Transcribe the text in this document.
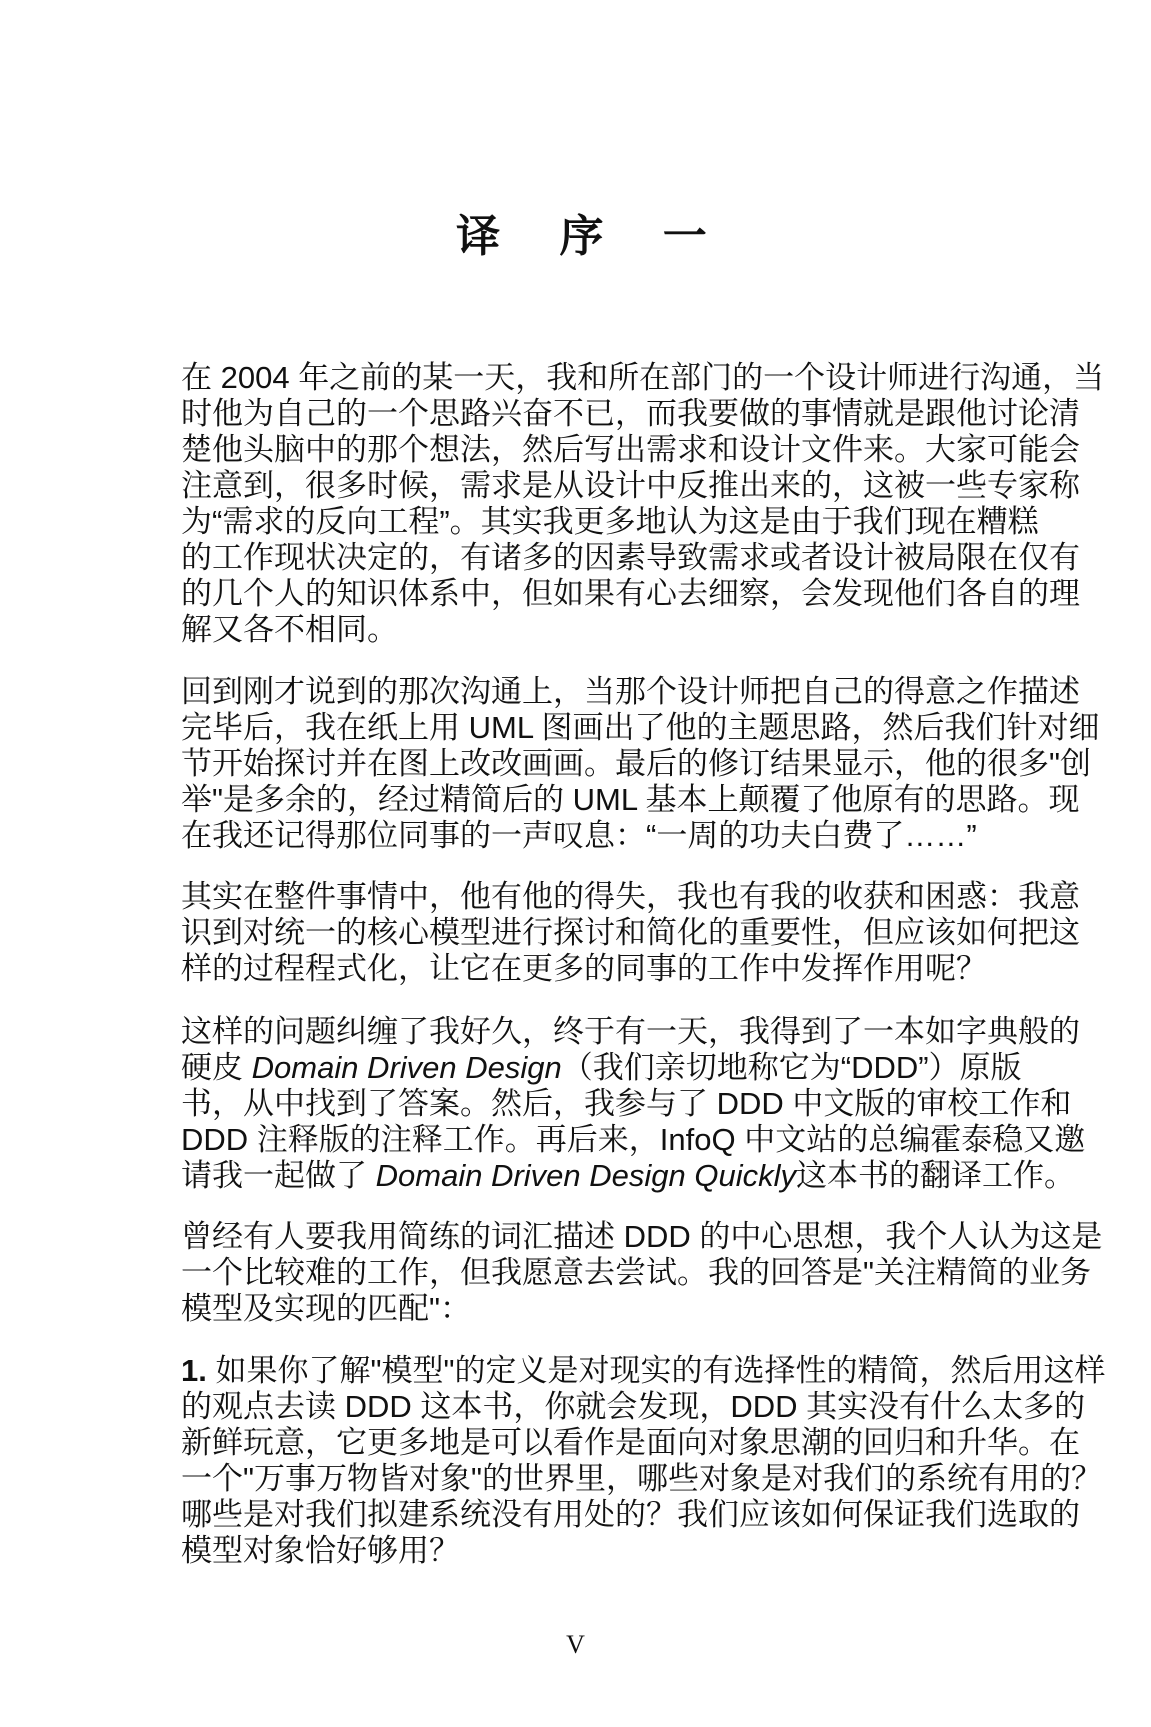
译 序 一
在 2004 年之前的某一天，我和所在部门的一个设计师进行沟通，当
时他为自己的一个思路兴奋不已，而我要做的事情就是跟他讨论清
楚他头脑中的那个想法，然后写出需求和设计文件来。大家可能会
注意到，很多时候，需求是从设计中反推出来的，这被一些专家称
为“需求的反向工程”。其实我更多地认为这是由于我们现在糟糕
的工作现状决定的，有诸多的因素导致需求或者设计被局限在仅有
的几个人的知识体系中，但如果有心去细察，会发现他们各自的理
解又各不相同。
回到刚才说到的那次沟通上，当那个设计师把自己的得意之作描述
完毕后，我在纸上用 UML 图画出了他的主题思路，然后我们针对细
节开始探讨并在图上改改画画。最后的修订结果显示，他的很多"创
举"是多余的，经过精简后的 UML 基本上颠覆了他原有的思路。现
在我还记得那位同事的一声叹息：“一周的功夫白费了……”
其实在整件事情中，他有他的得失，我也有我的收获和困惑：我意
识到对统一的核心模型进行探讨和简化的重要性，但应该如何把这
样的过程程式化，让它在更多的同事的工作中发挥作用呢？
这样的问题纠缠了我好久，终于有一天，我得到了一本如字典般的
硬皮 Domain Driven Design（我们亲切地称它为“DDD”）原版
书，从中找到了答案。然后，我参与了 DDD 中文版的审校工作和
DDD 注释版的注释工作。再后来，InfoQ 中文站的总编霍泰稳又邀
请我一起做了 Domain Driven Design Quickly这本书的翻译工作。
曾经有人要我用简练的词汇描述 DDD 的中心思想，我个人认为这是
一个比较难的工作，但我愿意去尝试。我的回答是"关注精简的业务
模型及实现的匹配"：
1. 如果你了解"模型"的定义是对现实的有选择性的精简，然后用这样
的观点去读 DDD 这本书，你就会发现，DDD 其实没有什么太多的
新鲜玩意，它更多地是可以看作是面向对象思潮的回归和升华。在
一个"万事万物皆对象"的世界里，哪些对象是对我们的系统有用的？
哪些是对我们拟建系统没有用处的？我们应该如何保证我们选取的
模型对象恰好够用？
V
